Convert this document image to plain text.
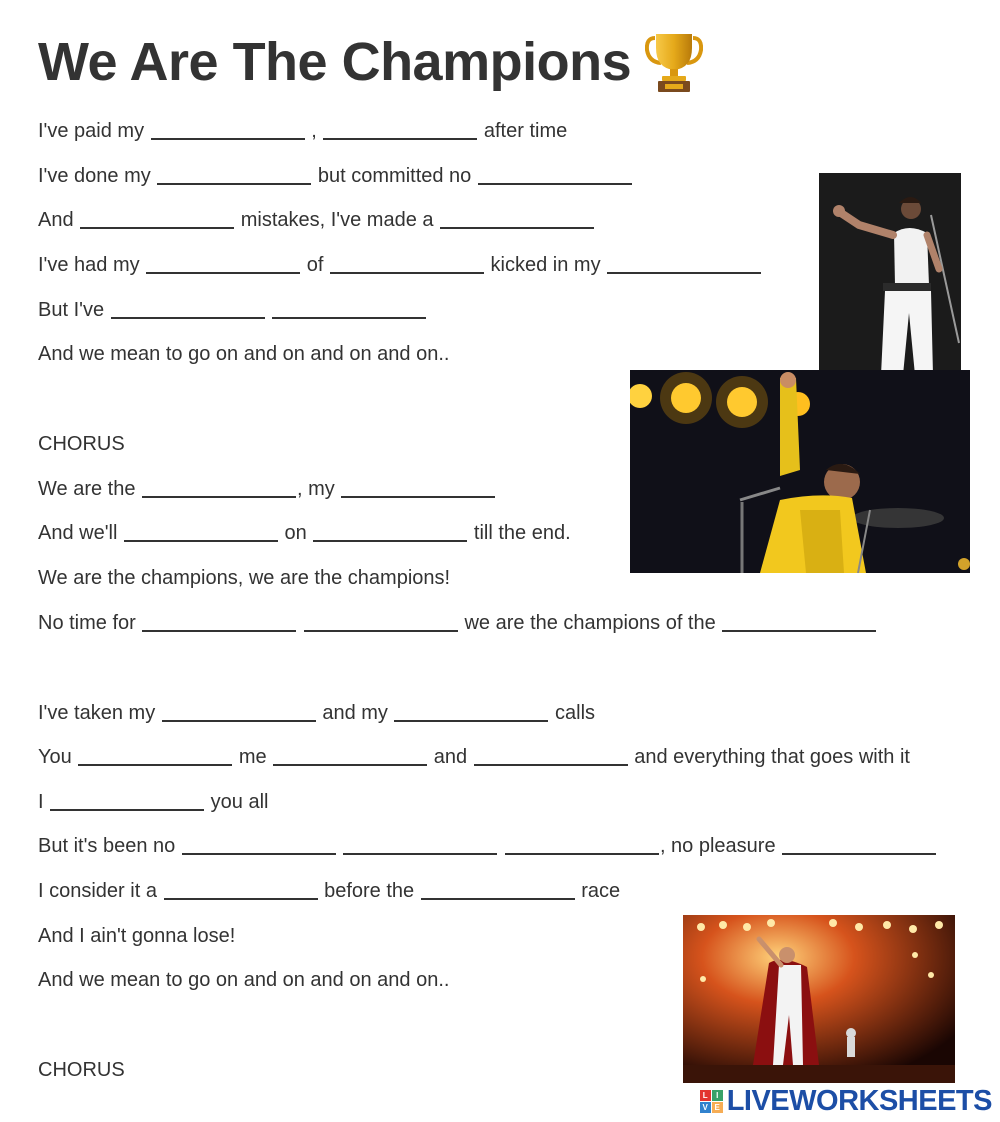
We Are The Champions
I've paid my	,	after time
I've done my	but committed no
And	mistakes, I've made a
I've had my	of	kicked in my
But I've
And we mean to go on and on and on and on..
CHORUS
We are the	, my
And we'll	on	till the end.
We are the champions, we are the champions!
No time for	we are the champions of the
I've taken my	and my	calls
You	me	and	and everything that goes with it
I	you all
But it's been no	, no pleasure
I consider it a	before the	race
And I ain't gonna lose!
And we mean to go on and on and on and on..
CHORUS
L	I
V E LIVEWORKSHEETS
